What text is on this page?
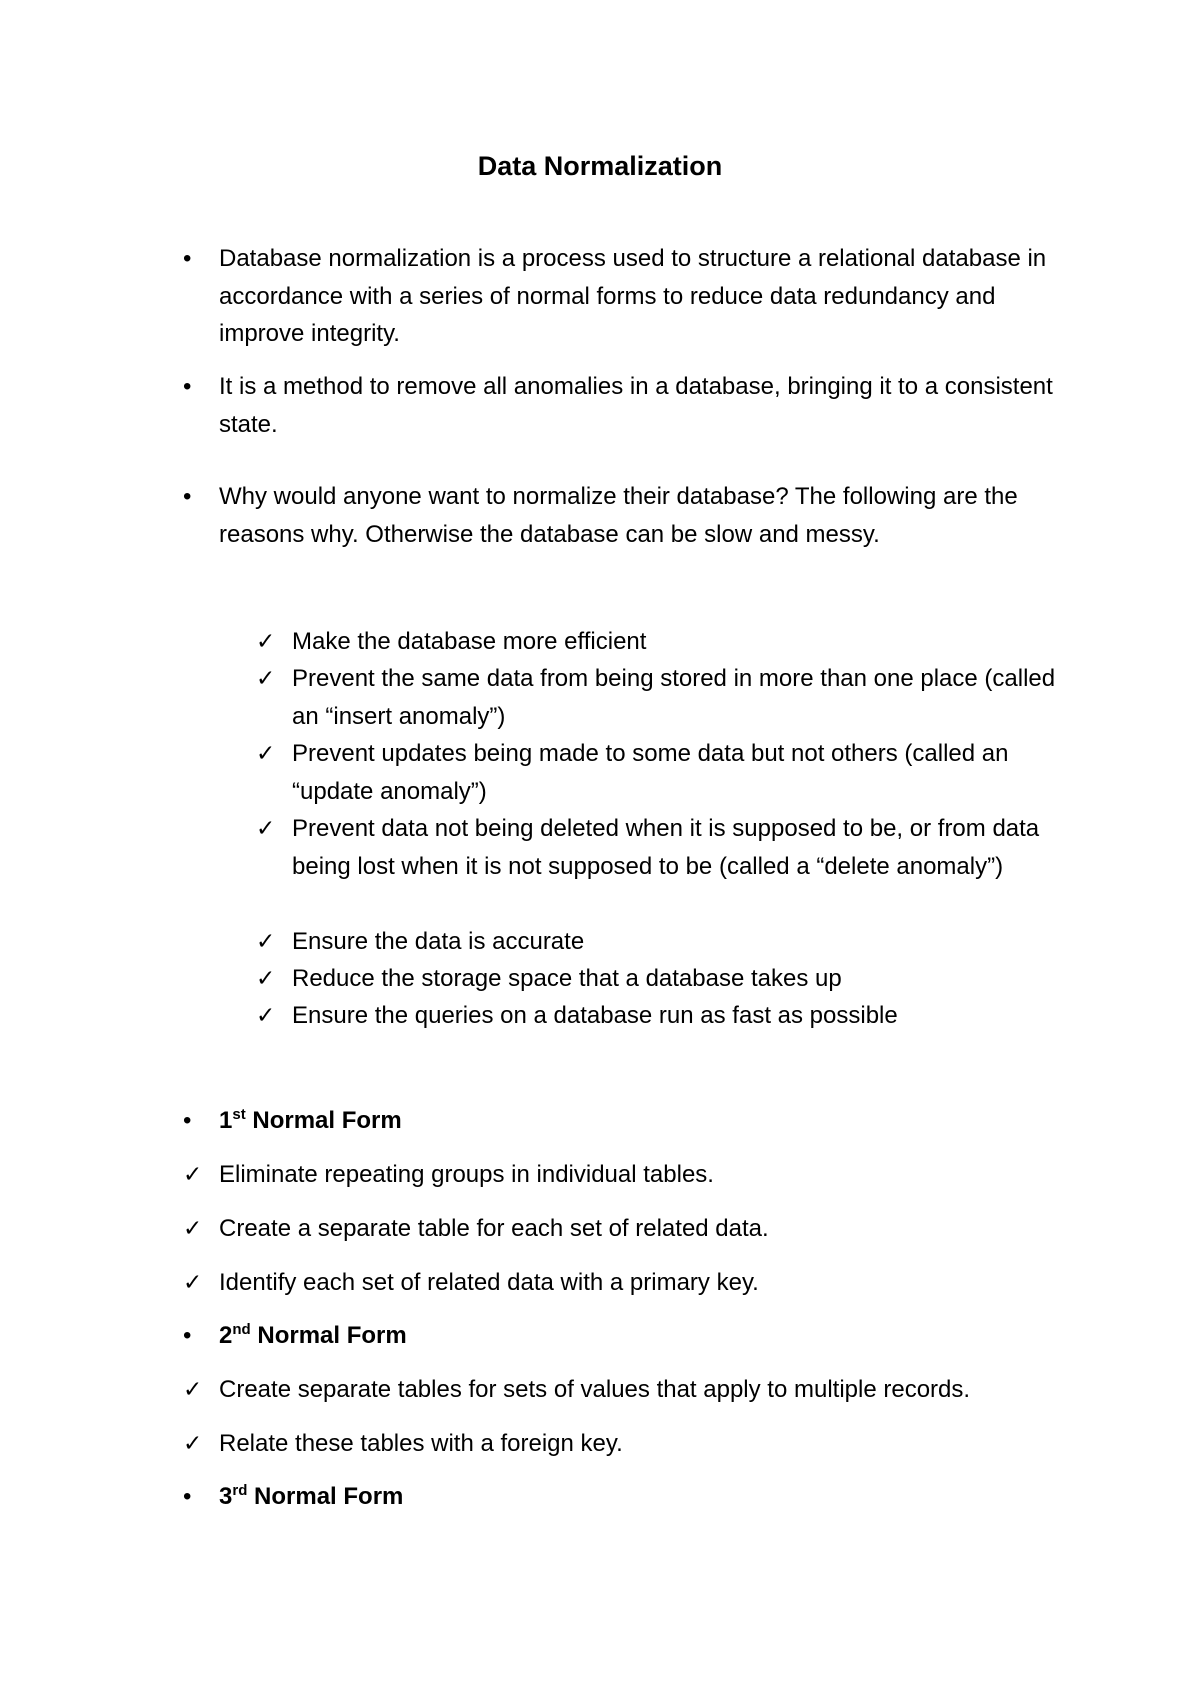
Data Normalization
• Database normalization is a process used to structure a relational database in accordance with a series of normal forms to reduce data redundancy and improve integrity.
• It is a method to remove all anomalies in a database, bringing it to a consistent state.
• Why would anyone want to normalize their database? The following are the reasons why. Otherwise the database can be slow and messy.
✓ Make the database more efficient
✓ Prevent the same data from being stored in more than one place (called an “insert anomaly”)
✓ Prevent updates being made to some data but not others (called an “update anomaly”)
✓ Prevent data not being deleted when it is supposed to be, or from data being lost when it is not supposed to be (called a “delete anomaly”)
✓ Ensure the data is accurate
✓ Reduce the storage space that a database takes up
✓ Ensure the queries on a database run as fast as possible
• 1st Normal Form
✓ Eliminate repeating groups in individual tables.
✓ Create a separate table for each set of related data.
✓ Identify each set of related data with a primary key.
• 2nd Normal Form
✓ Create separate tables for sets of values that apply to multiple records.
✓ Relate these tables with a foreign key.
• 3rd Normal Form
